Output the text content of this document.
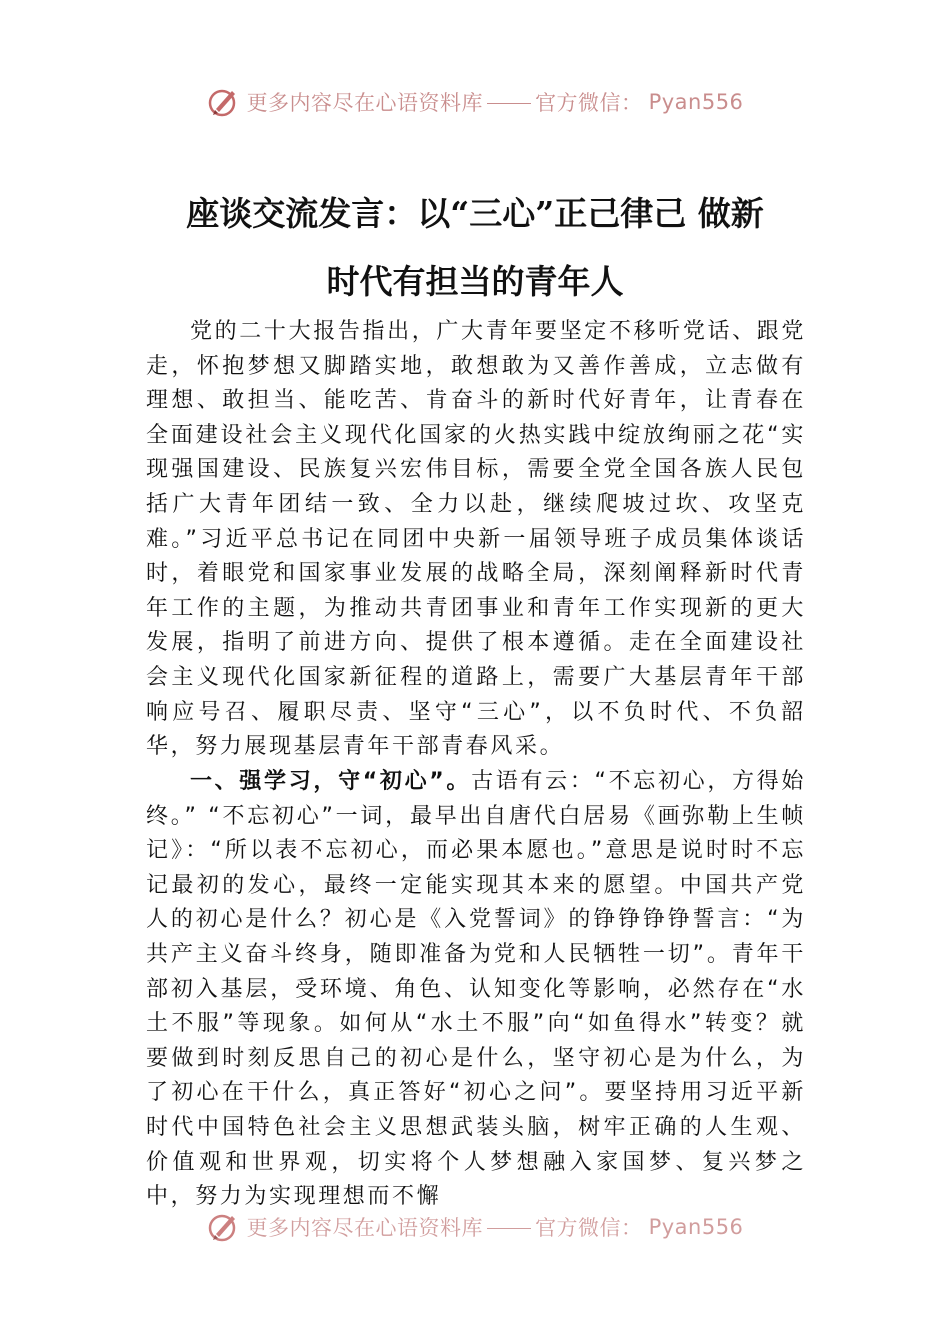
更多内容尽在心语资料库 官方微信： Pyan556
座谈交流发言：以“三心”正己律己 做新
时代有担当的青年人

党的二十大报告指出，广大青年要坚定不移听党话、跟党走，怀抱梦想又脚踏实地，敢想敢为又善作善成，立志做有理想、敢担当、能吃苦、肯奋斗的新时代好青年，让青春在全面建设社会主义现代化国家的火热实践中绽放绚丽之花“实现强国建设、民族复兴宏伟目标，需要全党全国各族人民包括广大青年团结一致、全力以赴，继续爬坡过坎、攻坚克难。”习近平总书记在同团中央新一届领导班子成员集体谈话时，着眼党和国家事业发展的战略全局，深刻阐释新时代青年工作的主题，为推动共青团事业和青年工作实现新的更大发展，指明了前进方向、提供了根本遵循。走在全面建设社会主义现代化国家新征程的道路上，需要广大基层青年干部响应号召、履职尽责、坚守“三心”，以不负时代、不负韶华，努力展现基层青年干部青春风采。

一、强学习，守“初心”。古语有云：“不忘初心，方得始终。” “不忘初心”一词，最早出自唐代白居易《画弥勒上生帧记》：“所以表不忘初心，而必果本愿也。”意思是说时时不忘记最初的发心，最终一定能实现其本来的愿望。中国共产党人的初心是什么？初心是《入党誓词》的铮铮铮铮誓言：“为共产主义奋斗终身，随即准备为党和人民牺牲一切”。青年干部初入基层，受环境、角色、认知变化等影响，必然存在“水土不服”等现象。如何从“水土不服”向“如鱼得水”转变？就要做到时刻反思自己的初心是什么，坚守初心是为什么，为了初心在干什么，真正答好“初心之问”。要坚持用习近平新时代中国特色社会主义思想武装头脑，树牢正确的人生观、价值观和世界观，切实将个人梦想融入家国梦、复兴梦之中，努力为实现理想而不懈

更多内容尽在心语资料库 官方微信： Pyan556
